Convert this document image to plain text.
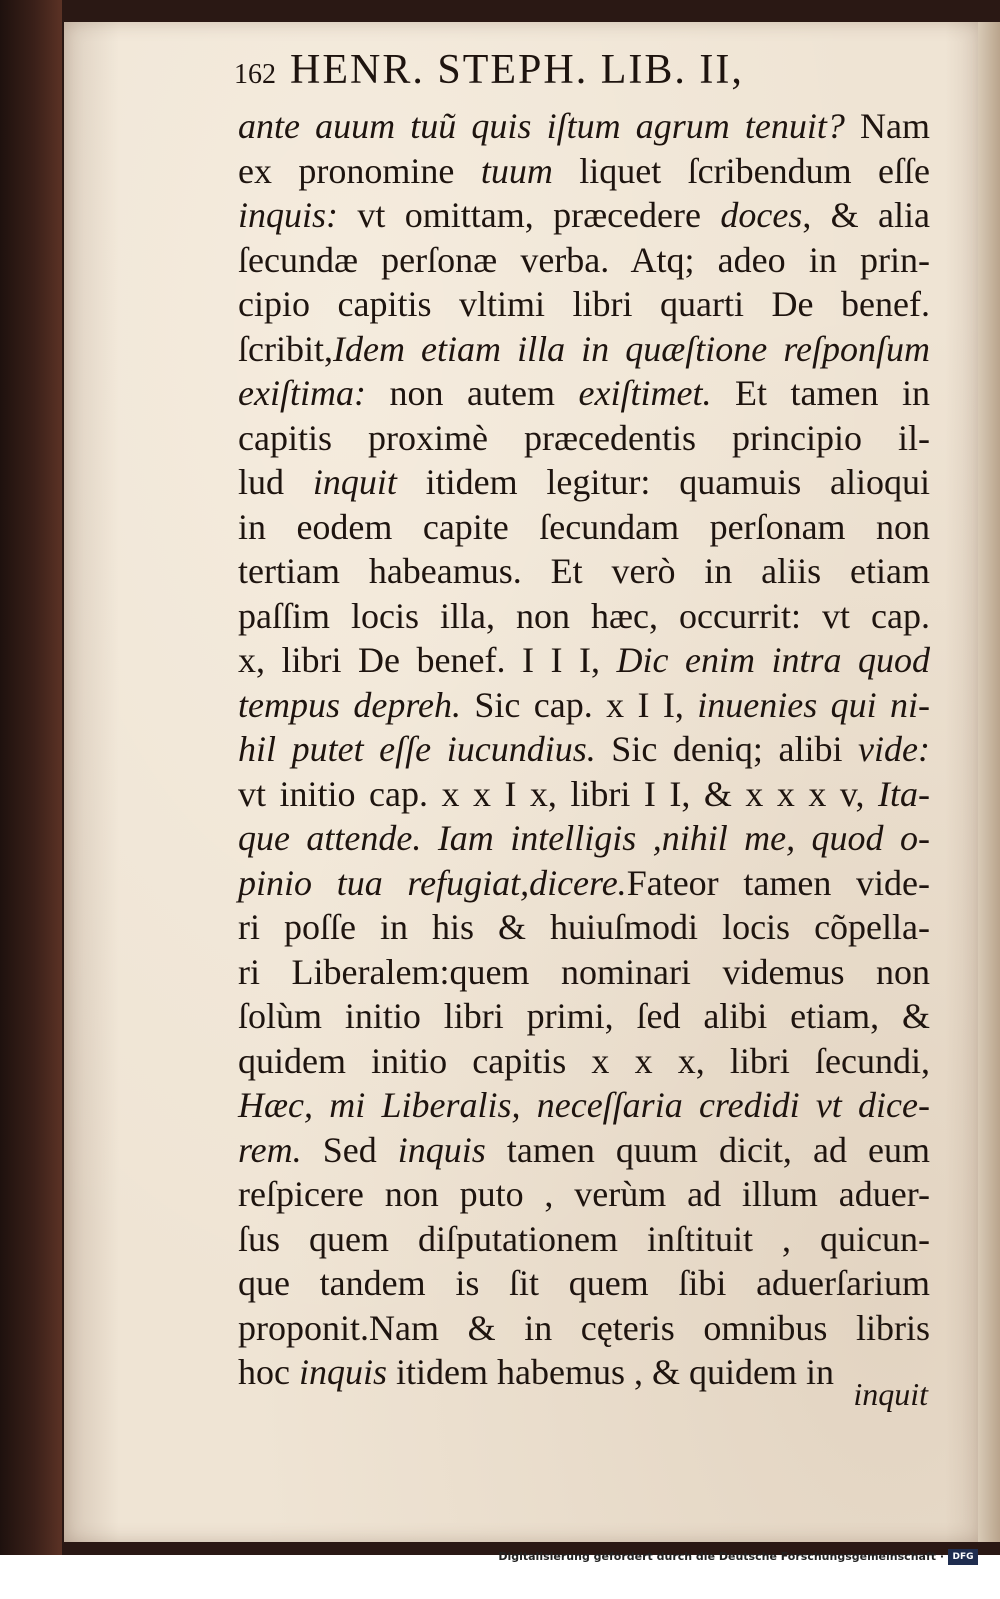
162 HENR. STEPH. LIB. II,
ante auum tuũ quis iſtum agrum tenuit? Nam
ex pronomine tuum liquet ſcribendum eſſe
inquis: vt omittam, præcedere doces, & alia
ſecundæ perſonæ verba. Atq; adeo in prin-
cipio capitis vltimi libri quarti De benef.
ſcribit,Idem etiam illa in quæſtione reſponſum
exiſtima: non autem exiſtimet. Et tamen in
capitis proximè præcedentis principio il-
lud inquit itidem legitur: quamuis alioqui
in eodem capite ſecundam perſonam non
tertiam habeamus. Et verò in aliis etiam
paſſim locis illa, non hæc, occurrit: vt cap.
x, libri De benef. I I I, Dic enim intra quod
tempus depreh. Sic cap. x I I, inuenies qui ni-
hil putet eſſe iucundius. Sic deniq; alibi vide:
vt initio cap. x x I x, libri I I, & x x x v, Ita-
que attende. Iam intelligis ,nihil me, quod o-
pinio tua refugiat,dicere.Fateor tamen vide-
ri poſſe in his & huiuſmodi locis cõpella-
ri Liberalem:quem nominari videmus non
ſolùm initio libri primi, ſed alibi etiam, &
quidem initio capitis x x x, libri ſecundi,
Hæc, mi Liberalis, neceſſaria credidi vt dice-
rem. Sed inquis tamen quum dicit, ad eum
reſpicere non puto , verùm ad illum aduer-
ſus quem diſputationem inſtituit , quicun-
que tandem is ſit quem ſibi aduerſarium
proponit.Nam & in cęteris omnibus libris
hoc inquis itidem habemus , & quidem in
inquit
Digitalisierung gefördert durch die Deutsche Forschungsgemeinschaft · DFG
